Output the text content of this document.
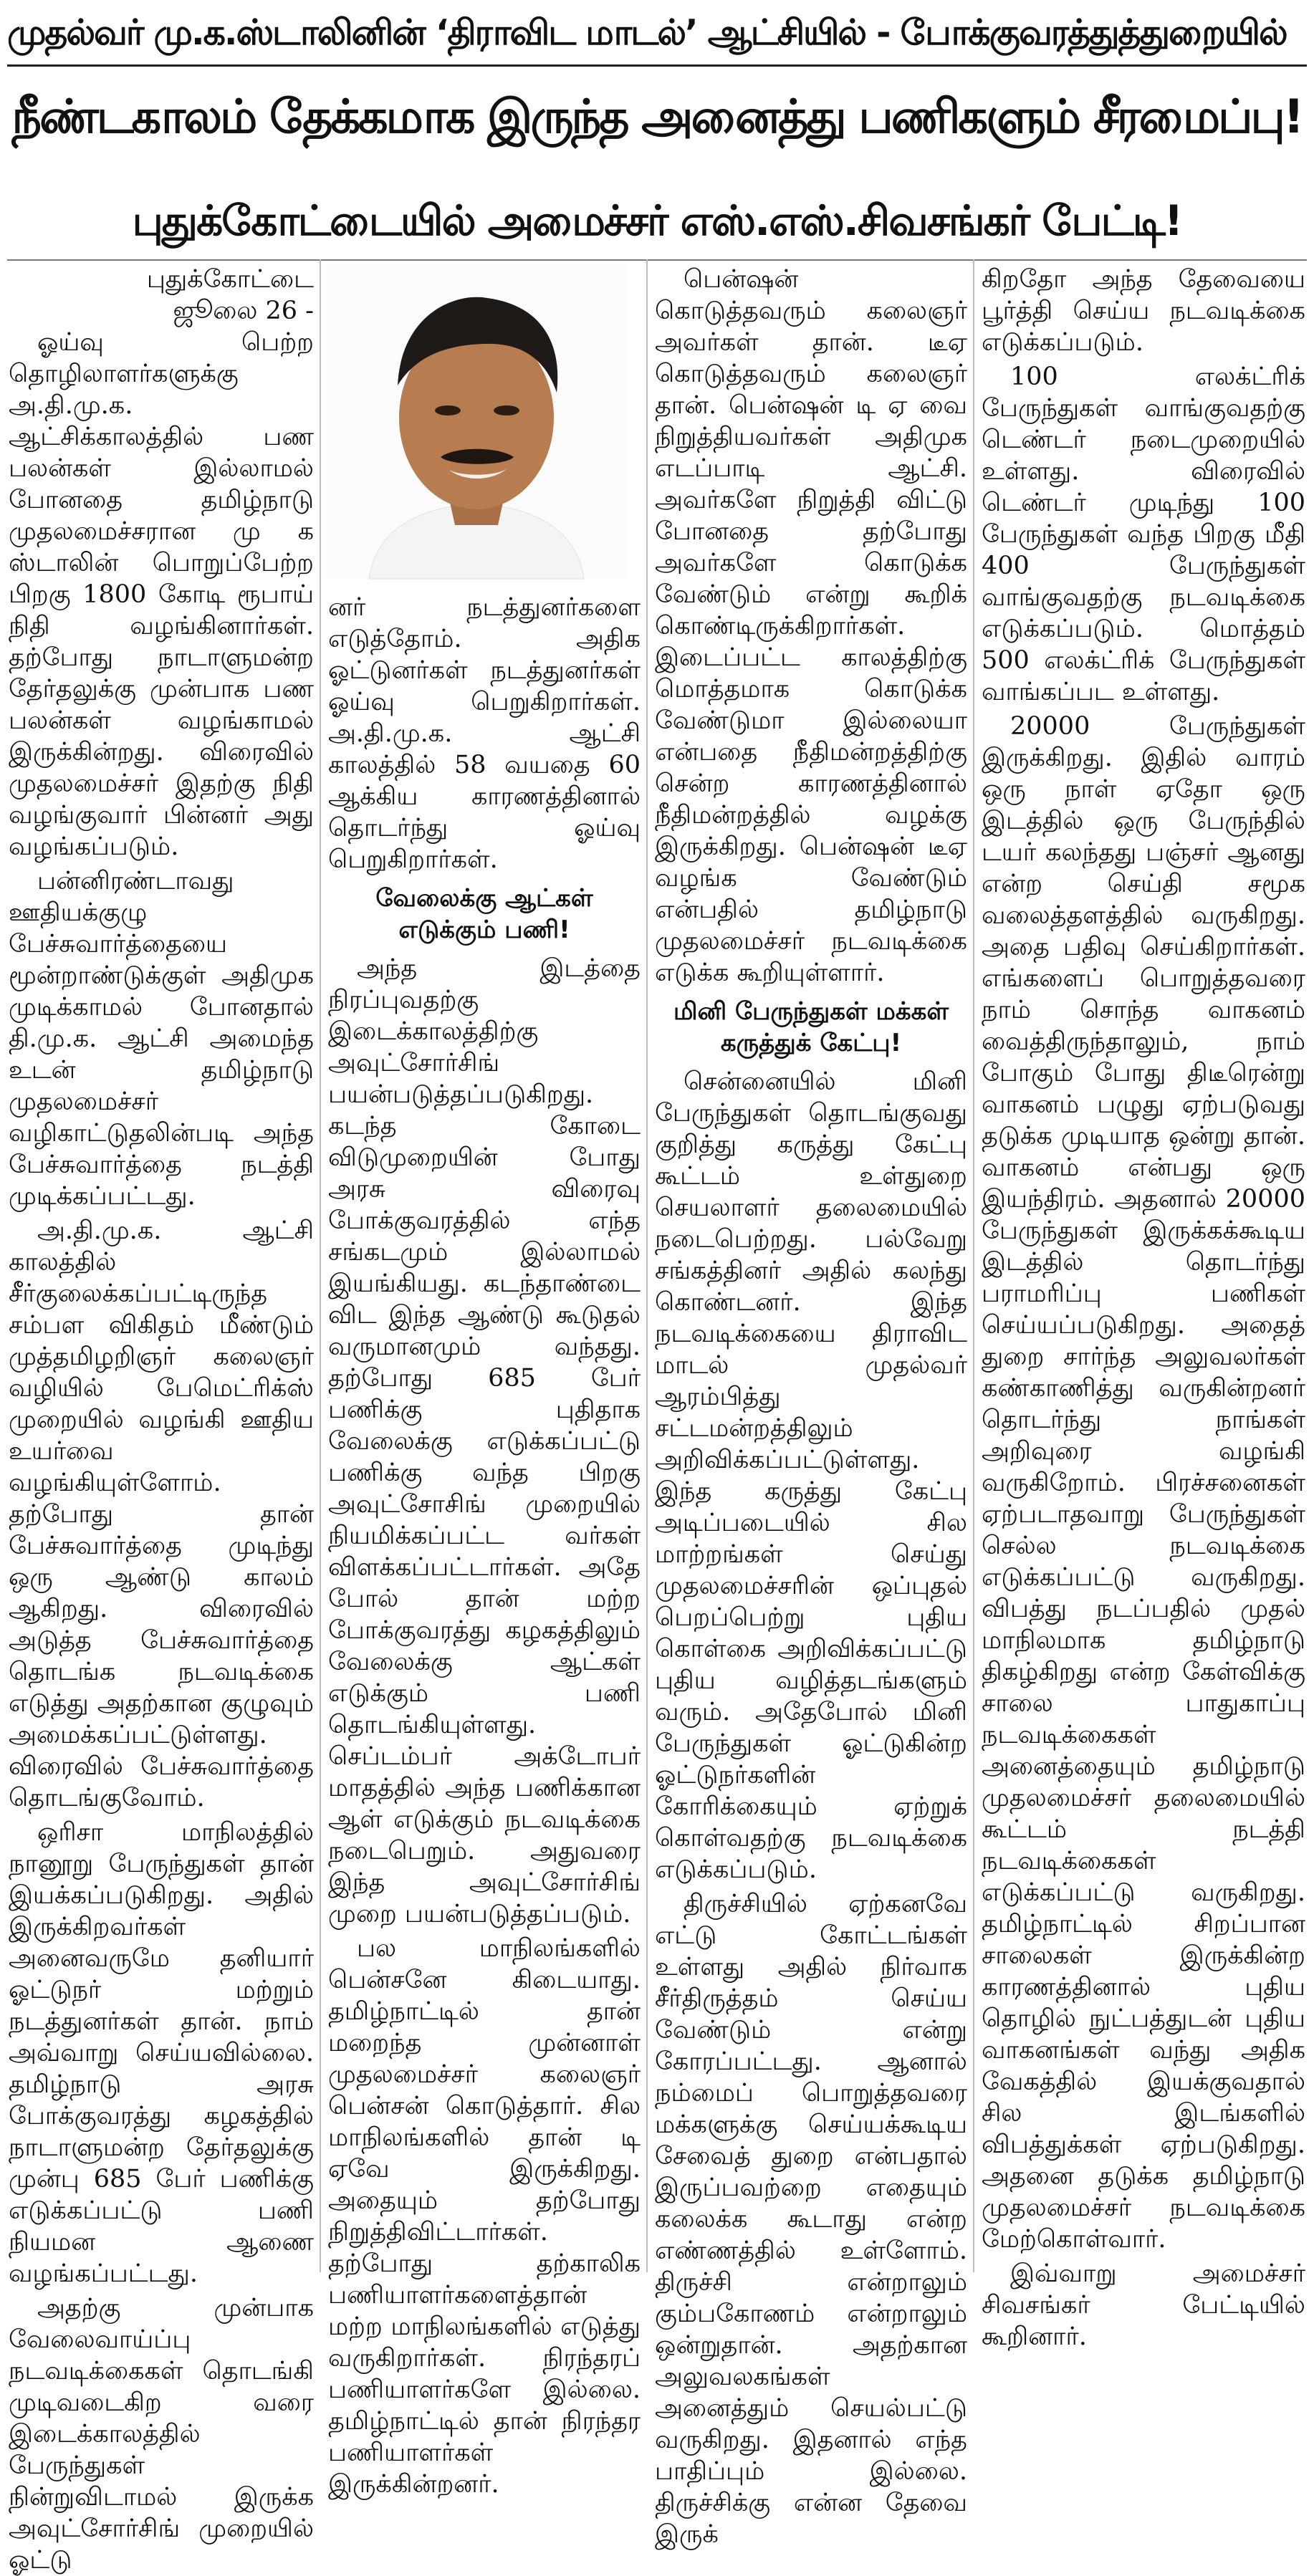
முதல்வர் மு.க.ஸ்டாலினின் ‘திராவிட மாடல்’ ஆட்சியில் - போக்குவரத்துத்துறையில்
நீண்டகாலம் தேக்கமாக இருந்த அனைத்து பணிகளும் சீரமைப்பு!
புதுக்கோட்டையில் அமைச்சர் எஸ்.எஸ்.சிவசங்கர் பேட்டி!

புதுக்கோட்டை

ஜூலை 26 -

ஓய்வு பெற்ற தொழிலாளர்களுக்கு அ.தி.மு.க. ஆட்சிக்காலத்தில் பண பலன்கள் இல்லாமல் போனதை தமிழ்நாடு முதலமைச்சரான மு க ஸ்டாலின் பொறுப்பேற்ற பிறகு 1800 கோடி ரூபாய் நிதி வழங்கினார்கள். தற்போது நாடாளுமன்ற தேர்தலுக்கு முன்பாக பண பலன்கள் வழங்காமல் இருக்கின்றது. விரைவில் முதலமைச்சர் இதற்கு நிதி வழங்குவார் பின்னர் அது வழங்கப்படும்.

பன்னிரண்டாவது ஊதியக்குழு பேச்சுவார்த்தையை மூன்றாண்டுக்குள் அதிமுக முடிக்காமல் போனதால் தி.மு.க. ஆட்சி அமைந்த உடன் தமிழ்நாடு முதலமைச்சர் வழிகாட்டுதலின்படி அந்த பேச்சுவார்த்தை நடத்தி முடிக்கப்பட்டது.

அ.தி.மு.க. ஆட்சி காலத்தில் சீர்குலைக்கப்பட்டிருந்த சம்பள விகிதம் மீண்டும் முத்தமிழறிஞர் கலைஞர் வழியில் பேமெட்ரிக்ஸ் முறையில் வழங்கி ஊதிய உயர்வை வழங்கியுள்ளோம். தற்போது தான் பேச்சுவார்த்தை முடிந்து ஒரு ஆண்டு காலம் ஆகிறது. விரைவில் அடுத்த பேச்சுவார்த்தை தொடங்க நடவடிக்கை எடுத்து அதற்கான குழுவும் அமைக்கப்பட்டுள்ளது. விரைவில் பேச்சுவார்த்தை தொடங்குவோம்.

ஒரிசா மாநிலத்தில் நானூறு பேருந்துகள் தான் இயக்கப்படுகிறது. அதில் இருக்கிறவர்கள் அனைவருமே தனியார் ஓட்டுநர் மற்றும் நடத்துனர்கள் தான். நாம் அவ்வாறு செய்யவில்லை. தமிழ்நாடு அரசு போக்குவரத்து கழகத்தில் நாடாளுமன்ற தேர்தலுக்கு முன்பு 685 பேர் பணிக்கு எடுக்கப்பட்டு பணி நியமன ஆணை வழங்கப்பட்டது.

அதற்கு முன்பாக வேலைவாய்ப்பு நடவடிக்கைகள் தொடங்கி முடிவடைகிற வரை இடைக்காலத்தில் பேருந்துகள் நின்றுவிடாமல் இருக்க அவுட்சோர்சிங் முறையில் ஓட்டு

னர் நடத்துனர்களை எடுத்தோம். அதிக ஓட்டுனர்கள் நடத்துனர்கள் ஓய்வு பெறுகிறார்கள். அ.தி.மு.க. ஆட்சி காலத்தில் 58 வயதை 60 ஆக்கிய காரணத்தினால் தொடர்ந்து ஓய்வு பெறுகிறார்கள்.

வேலைக்கு ஆட்கள்
எடுக்கும் பணி!

அந்த இடத்தை நிரப்புவதற்கு இடைக்காலத்திற்கு அவுட்சோர்சிங் பயன்படுத்தப்படுகிறது. கடந்த கோடை விடுமுறையின் போது அரசு விரைவு போக்குவரத்தில் எந்த சங்கடமும் இல்லாமல் இயங்கியது. கடந்தாண்டை விட இந்த ஆண்டு கூடுதல் வருமானமும் வந்தது. தற்போது 685 பேர் பணிக்கு புதிதாக வேலைக்கு எடுக்கப்பட்டு பணிக்கு வந்த பிறகு அவுட்சோசிங் முறையில் நியமிக்கப்பட்ட வர்கள் விளக்கப்பட்டார்கள். அதே போல் தான் மற்ற போக்குவரத்து கழகத்திலும் வேலைக்கு ஆட்கள் எடுக்கும் பணி தொடங்கியுள்ளது. செப்டம்பர் அக்டோபர் மாதத்தில் அந்த பணிக்கான ஆள் எடுக்கும் நடவடிக்கை நடைபெறும். அதுவரை இந்த அவுட்சோர்சிங் முறை பயன்படுத்தப்படும்.

பல மாநிலங்களில் பென்சனே கிடையாது. தமிழ்நாட்டில் தான் மறைந்த முன்னாள் முதலமைச்சர் கலைஞர் பென்சன் கொடுத்தார். சில மாநிலங்களில் தான் டி ஏவே இருக்கிறது. அதையும் தற்போது நிறுத்திவிட்டார்கள். தற்போது தற்காலிக பணியாளர்களைத்தான் மற்ற மாநிலங்களில் எடுத்து வருகிறார்கள். நிரந்தரப் பணியாளர்களே இல்லை. தமிழ்நாட்டில் தான் நிரந்தர பணியாளர்கள் இருக்கின்றனர்.

பென்ஷன் கொடுத்தவரும் கலைஞர் அவர்கள் தான். டீஏ கொடுத்தவரும் கலைஞர் தான். பென்ஷன் டி ஏ வை நிறுத்தியவர்கள் அதிமுக எடப்பாடி ஆட்சி. அவர்களே நிறுத்தி விட்டு போனதை தற்போது அவர்களே கொடுக்க வேண்டும் என்று கூறிக் கொண்டிருக்கிறார்கள். இடைப்பட்ட காலத்திற்கு மொத்தமாக கொடுக்க வேண்டுமா இல்லையா என்பதை நீதிமன்றத்திற்கு சென்ற காரணத்தினால் நீதிமன்றத்தில் வழக்கு இருக்கிறது. பென்ஷன் டீஏ வழங்க வேண்டும் என்பதில் தமிழ்நாடு முதலமைச்சர் நடவடிக்கை எடுக்க கூறியுள்ளார்.

மினி பேருந்துகள் மக்கள்
கருத்துக் கேட்பு!

சென்னையில் மினி பேருந்துகள் தொடங்குவது குறித்து கருத்து கேட்பு கூட்டம் உள்துறை செயலாளர் தலைமையில் நடைபெற்றது. பல்வேறு சங்கத்தினர் அதில் கலந்து கொண்டனர். இந்த நடவடிக்கையை திராவிட மாடல் முதல்வர் ஆரம்பித்து சட்டமன்றத்திலும் அறிவிக்கப்பட்டுள்ளது. இந்த கருத்து கேட்பு அடிப்படையில் சில மாற்றங்கள் செய்து முதலமைச்சரின் ஒப்புதல் பெறப்பெற்று புதிய கொள்கை அறிவிக்கப்பட்டு புதிய வழித்தடங்களும் வரும். அதேபோல் மினி பேருந்துகள் ஓட்டுகின்ற ஓட்டுநர்களின் கோரிக்கையும் ஏற்றுக் கொள்வதற்கு நடவடிக்கை எடுக்கப்படும்.

திருச்சியில் ஏற்கனவே எட்டு கோட்டங்கள் உள்ளது அதில் நிர்வாக சீர்திருத்தம் செய்ய வேண்டும் என்று கோரப்பட்டது. ஆனால் நம்மைப் பொறுத்தவரை மக்களுக்கு செய்யக்கூடிய சேவைத் துறை என்பதால் இருப்பவற்றை எதையும் கலைக்க கூடாது என்ற எண்ணத்தில் உள்ளோம். திருச்சி என்றாலும் கும்பகோணம் என்றாலும் ஒன்றுதான். அதற்கான அலுவலகங்கள் அனைத்தும் செயல்பட்டு வருகிறது. இதனால் எந்த பாதிப்பும் இல்லை. திருச்சிக்கு என்ன தேவை இருக்

கிறதோ அந்த தேவையை பூர்த்தி செய்ய நடவடிக்கை எடுக்கப்படும்.

100 எலக்ட்ரிக் பேருந்துகள் வாங்குவதற்கு டெண்டர் நடைமுறையில் உள்ளது. விரைவில் டெண்டர் முடிந்து 100 பேருந்துகள் வந்த பிறகு மீதி 400 பேருந்துகள் வாங்குவதற்கு நடவடிக்கை எடுக்கப்படும். மொத்தம் 500 எலக்ட்ரிக் பேருந்துகள் வாங்கப்பட உள்ளது.

20000 பேருந்துகள் இருக்கிறது. இதில் வாரம் ஒரு நாள் ஏதோ ஒரு இடத்தில் ஒரு பேருந்தில் டயர் கலந்தது பஞ்சர் ஆனது என்ற செய்தி சமூக வலைத்தளத்தில் வருகிறது. அதை பதிவு செய்கிறார்கள். எங்களைப் பொறுத்தவரை நாம் சொந்த வாகனம் வைத்திருந்தாலும், நாம் போகும் போது திடீரென்று வாகனம் பழுது ஏற்படுவது தடுக்க முடியாத ஒன்று தான். வாகனம் என்பது ஒரு இயந்திரம். அதனால் 20000 பேருந்துகள் இருக்கக்கூடிய இடத்தில் தொடர்ந்து பராமரிப்பு பணிகள் செய்யப்படுகிறது. அதைத் துறை சார்ந்த அலுவலர்கள் கண்காணித்து வருகின்றனர் தொடர்ந்து நாங்கள் அறிவுரை வழங்கி வருகிறோம். பிரச்சனைகள் ஏற்படாதவாறு பேருந்துகள் செல்ல நடவடிக்கை எடுக்கப்பட்டு வருகிறது. விபத்து நடப்பதில் முதல் மாநிலமாக தமிழ்நாடு திகழ்கிறது என்ற கேள்விக்கு சாலை பாதுகாப்பு நடவடிக்கைகள் அனைத்தையும் தமிழ்நாடு முதலமைச்சர் தலைமையில் கூட்டம் நடத்தி நடவடிக்கைகள் எடுக்கப்பட்டு வருகிறது. தமிழ்நாட்டில் சிறப்பான சாலைகள் இருக்கின்ற காரணத்தினால் புதிய தொழில் நுட்பத்துடன் புதிய வாகனங்கள் வந்து அதிக வேகத்தில் இயக்குவதால் சில இடங்களில் விபத்துக்கள் ஏற்படுகிறது. அதனை தடுக்க தமிழ்நாடு முதலமைச்சர் நடவடிக்கை மேற்கொள்வார்.

இவ்வாறு அமைச்சர் சிவசங்கர் பேட்டியில் கூறினார்.
